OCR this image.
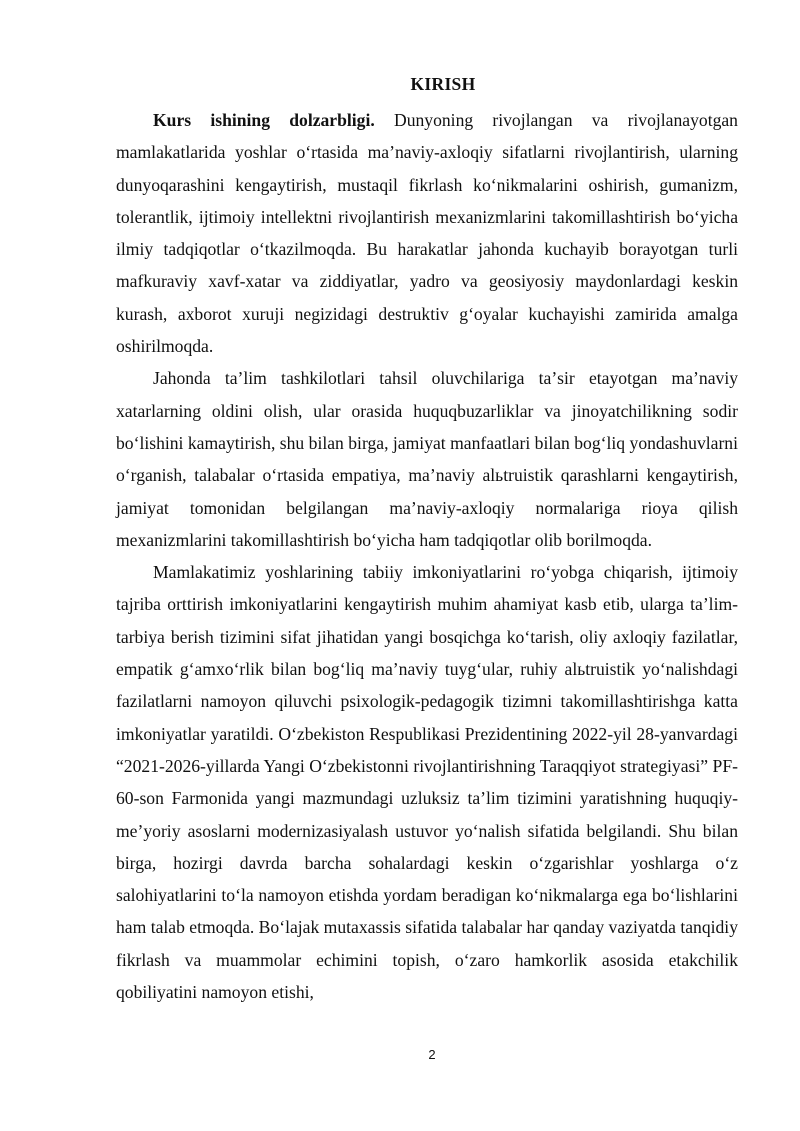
KIRISH

Kurs ishining dolzarbligi. Dunyoning rivojlangan va rivojlanayotgan mamlakatlarida yoshlar oʻrtasida maʼnaviy-axloqiy sifatlarni rivojlantirish, ularning dunyoqarashini kengaytirish, mustaqil fikrlash koʻnikmalarini oshirish, gumanizm, tolerantlik, ijtimoiy intellektni rivojlantirish mexanizmlarini takomillashtirish boʻyicha ilmiy tadqiqotlar oʻtkazilmoqda. Bu harakatlar jahonda kuchayib borayotgan turli mafkuraviy xavf-xatar va ziddiyatlar, yadro va geosiyosiy maydonlardagi keskin kurash, axborot xuruji negizidagi destruktiv gʻoyalar kuchayishi zamirida amalga oshirilmoqda.

Jahonda taʼlim tashkilotlari tahsil oluvchilariga taʼsir etayotgan maʼnaviy xatarlarning oldini olish, ular orasida huquqbuzarliklar va jinoyatchilikning sodir boʻlishini kamaytirish, shu bilan birga, jamiyat manfaatlari bilan bogʻliq yondashuvlarni oʻrganish, talabalar oʻrtasida empatiya, maʼnaviy alьtruistik qarashlarni kengaytirish, jamiyat tomonidan belgilangan maʼnaviy-axloqiy normalariga rioya qilish mexanizmlarini takomillashtirish boʻyicha ham tadqiqotlar olib borilmoqda.

Mamlakatimiz yoshlarining tabiiy imkoniyatlarini roʻyobga chiqarish, ijtimoiy tajriba orttirish imkoniyatlarini kengaytirish muhim ahamiyat kasb etib, ularga taʼlim-tarbiya berish tizimini sifat jihatidan yangi bosqichga koʻtarish, oliy axloqiy fazilatlar, empatik gʻamxoʻrlik bilan bogʻliq maʼnaviy tuygʻular, ruhiy alьtruistik yoʻnalishdagi fazilatlarni namoyon qiluvchi psixologik-pedagogik tizimni takomillashtirishga katta imkoniyatlar yaratildi. Oʻzbekiston Respublikasi Prezidentining 2022-yil 28-yanvardagi “2021-2026-yillarda Yangi Oʻzbekistonni rivojlantirishning Taraqqiyot strategiyasi” PF-60-son Farmonida yangi mazmundagi uzluksiz taʼlim tizimini yaratishning huquqiy-meʼyoriy asoslarni modernizasiyalash ustuvor yoʻnalish sifatida belgilandi. Shu bilan birga, hozirgi davrda barcha sohalardagi keskin oʻzgarishlar yoshlarga oʻz salohiyatlarini toʻla namoyon etishda yordam beradigan koʻnikmalarga ega boʻlishlarini ham talab etmoqda. Boʻlajak mutaxassis sifatida talabalar har qanday vaziyatda tanqidiy fikrlash va muammolar echimini topish, oʻzaro hamkorlik asosida etakchilik qobiliyatini namoyon etishi,

2
